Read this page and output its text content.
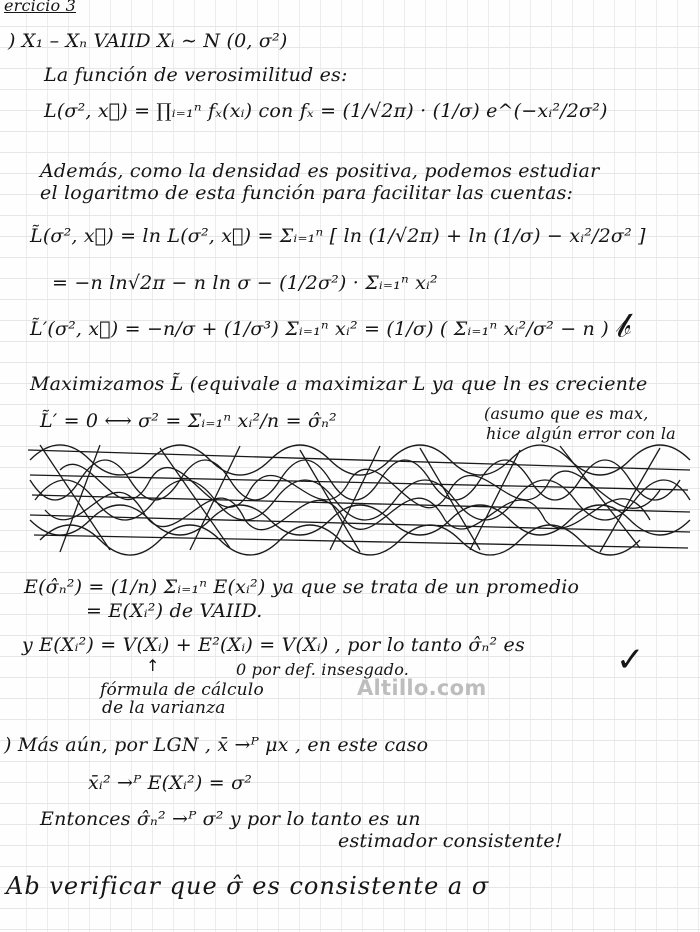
ercicio 3
) X₁ – Xₙ VAIID Xᵢ ∼ N (0, σ²)
La función de verosimilitud es:
L(σ², x⃗) = ∏ᵢ₌₁ⁿ fₓ(xᵢ) con fₓ = (1/√2π) · (1/σ) e^(−xᵢ²/2σ²)
Además, como la densidad es positiva, podemos estudiar
el logaritmo de esta función para facilitar las cuentas:
L̃(σ², x⃗) = ln L(σ², x⃗) = Σᵢ₌₁ⁿ [ ln (1/√2π) + ln (1/σ) − xᵢ²/2σ² ]
= −n ln√2π − n ln σ − (1/2σ²) · Σᵢ₌₁ⁿ xᵢ²
L̃′(σ², x⃗) = −n/σ + (1/σ³) Σᵢ₌₁ⁿ xᵢ² = (1/σ) ( Σᵢ₌₁ⁿ xᵢ²/σ² − n ) 𝒷
Maximizamos L̃ (equivale a maximizar L ya que ln es creciente
L̃′ = 0 ⟷ σ² = Σᵢ₌₁ⁿ xᵢ²/n = σ̂ₙ²	(asumo que es max,
hice algún error con la
E(σ̂ₙ²) = (1/n) Σᵢ₌₁ⁿ E(xᵢ²) ya que se trata de un promedio
= E(Xᵢ²) de VAIID.
y E(Xᵢ²) = V(Xᵢ) + E²(Xᵢ) = V(Xᵢ) , por lo tanto σ̂ₙ² es
0 por def. insesgado.
↑
fórmula de cálculo
de la varianza
✓
Altillo.com
) Más aún, por LGN , x̄ →ᴾ μx , en este caso
x̄ᵢ² →ᴾ E(Xᵢ²) = σ²
Entonces σ̂ₙ² →ᴾ σ² y por lo tanto es un
estimador consistente!
Ab verificar que σ̂ es consistente a σ
